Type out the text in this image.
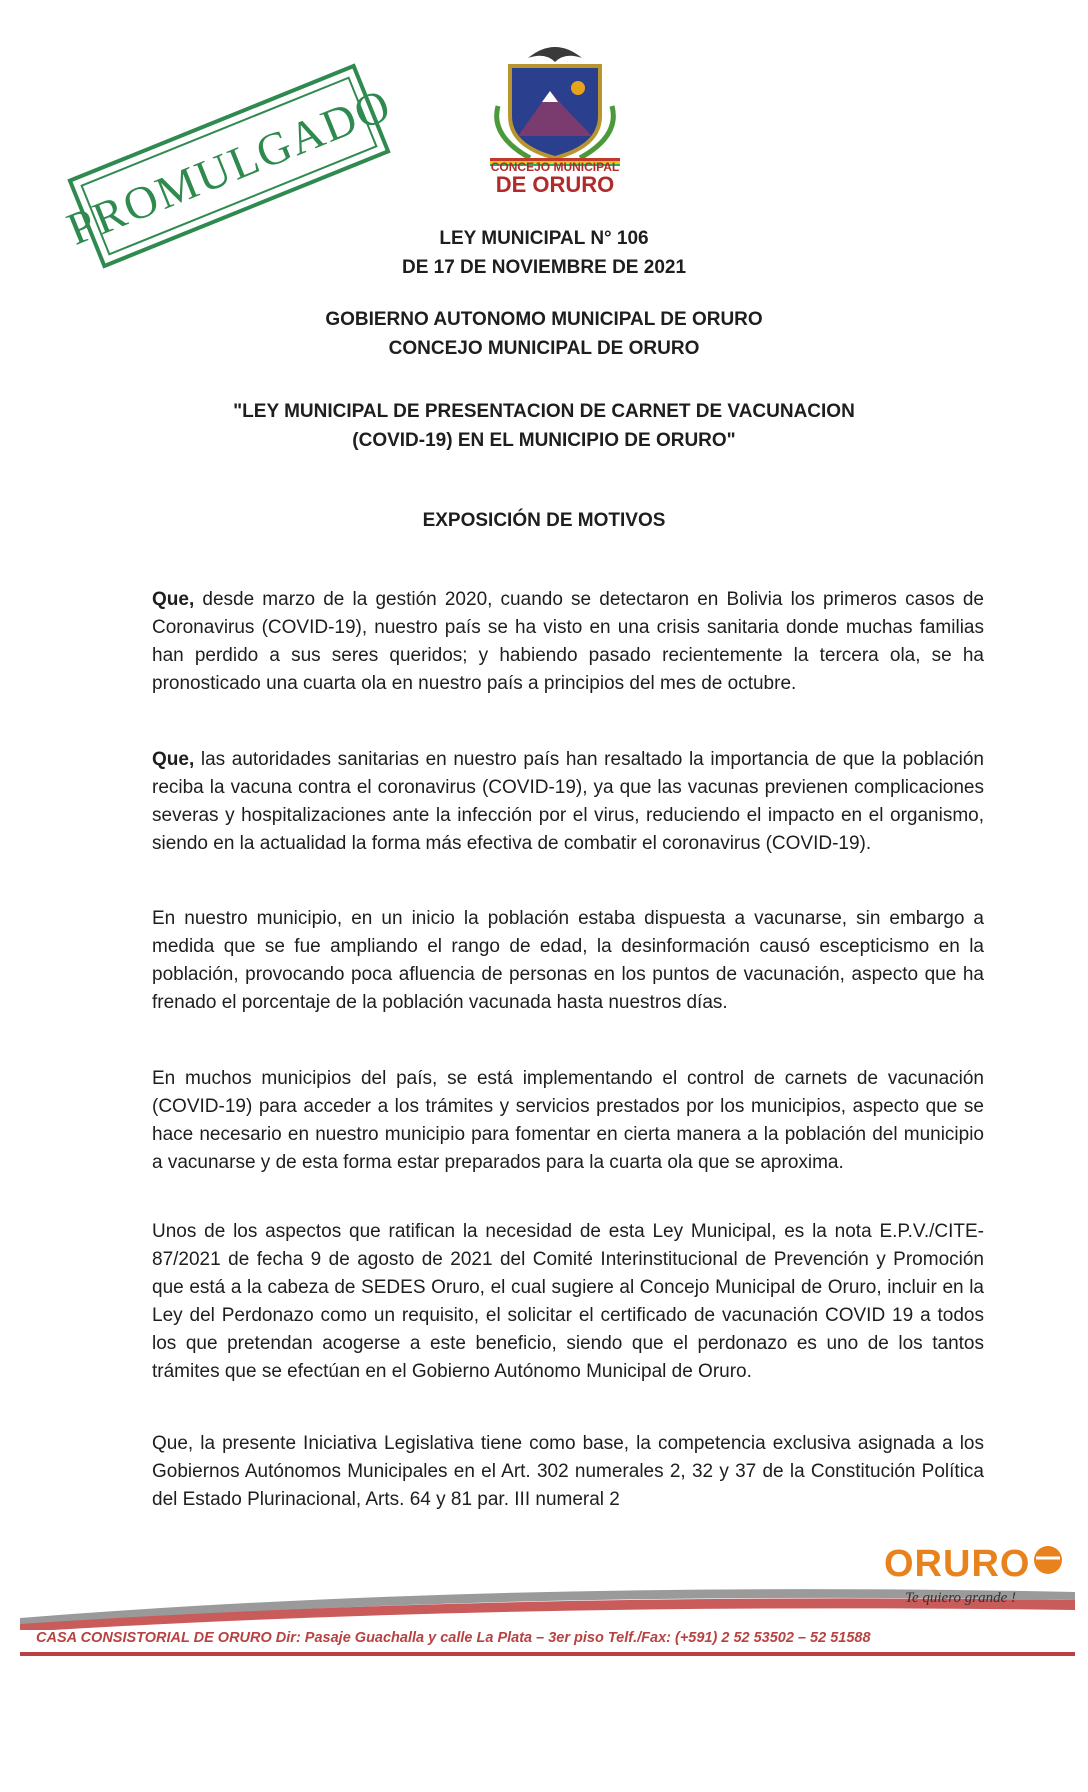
PROMULGADO	CONCEJO MUNICIPAL
DE ORURO
LEY MUNICIPAL N° 106
DE 17 DE NOVIEMBRE DE 2021
GOBIERNO AUTONOMO MUNICIPAL DE ORURO
CONCEJO MUNICIPAL DE ORURO
"LEY MUNICIPAL DE PRESENTACION DE CARNET DE VACUNACION
(COVID-19) EN EL MUNICIPIO DE ORURO"
EXPOSICIÓN DE MOTIVOS
Que, desde marzo de la gestión 2020, cuando se detectaron en Bolivia los primeros casos de Coronavirus (COVID-19), nuestro país se ha visto en una crisis sanitaria donde muchas familias han perdido a sus seres queridos; y habiendo pasado recientemente la tercera ola, se ha pronosticado una cuarta ola en nuestro país a principios del mes de octubre.
Que, las autoridades sanitarias en nuestro país han resaltado la importancia de que la población reciba la vacuna contra el coronavirus (COVID-19), ya que las vacunas previenen complicaciones severas y hospitalizaciones ante la infección por el virus, reduciendo el impacto en el organismo, siendo en la actualidad la forma más efectiva de combatir el coronavirus (COVID-19).
En nuestro municipio, en un inicio la población estaba dispuesta a vacunarse, sin embargo a medida que se fue ampliando el rango de edad, la desinformación causó escepticismo en la población, provocando poca afluencia de personas en los puntos de vacunación, aspecto que ha frenado el porcentaje de la población vacunada hasta nuestros días.
En muchos municipios del país, se está implementando el control de carnets de vacunación (COVID-19) para acceder a los trámites y servicios prestados por los municipios, aspecto que se hace necesario en nuestro municipio para fomentar en cierta manera a la población del municipio a vacunarse y de esta forma estar preparados para la cuarta ola que se aproxima.
Unos de los aspectos que ratifican la necesidad de esta Ley Municipal, es la nota E.P.V./CITE-87/2021 de fecha 9 de agosto de 2021 del Comité Interinstitucional de Prevención y Promoción que está a la cabeza de SEDES Oruro, el cual sugiere al Concejo Municipal de Oruro, incluir en la Ley del Perdonazo como un requisito, el solicitar el certificado de vacunación COVID 19 a todos los que pretendan acogerse a este beneficio, siendo que el perdonazo es uno de los tantos trámites que se efectúan en el Gobierno Autónomo Municipal de Oruro.
Que, la presente Iniciativa Legislativa tiene como base, la competencia exclusiva asignada a los Gobiernos Autónomos Municipales en el Art. 302 numerales 2, 32 y 37 de la Constitución Política del Estado Plurinacional, Arts. 64 y 81 par. III numeral 2
ORURO
Te quiero grande !
CASA CONSISTORIAL DE ORURO Dir: Pasaje Guachalla y calle La Plata – 3er piso Telf./Fax: (+591) 2 52 53502 – 52 51588
